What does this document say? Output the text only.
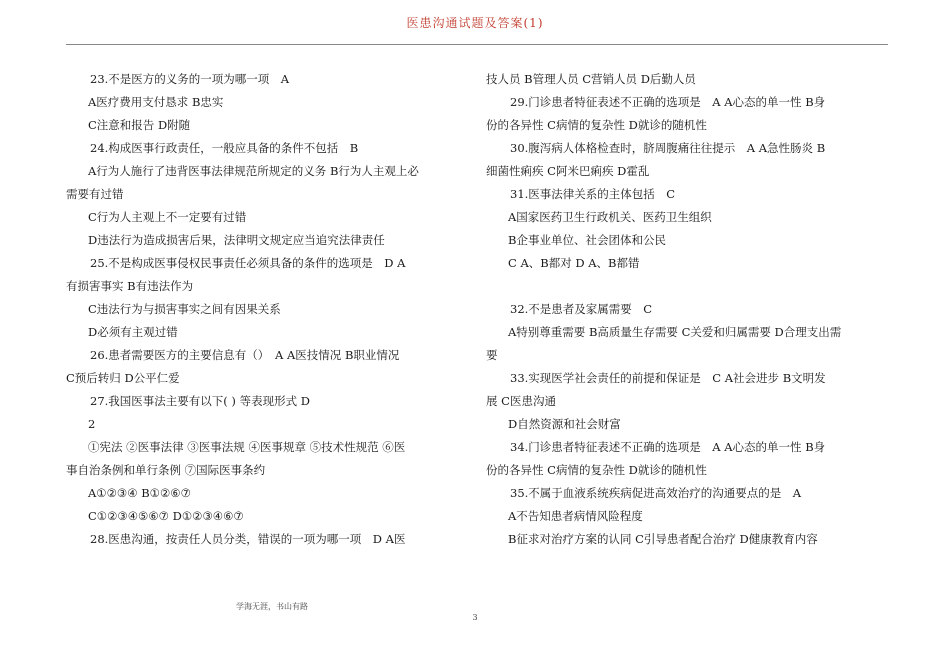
医患沟通试题及答案(1)
23.不是医方的义务的一项为哪一项　A
A医疗费用支付恳求 B忠实
C注意和报告 D附随
24.构成医事行政责任，一般应具备的条件不包括　B
A行为人施行了违背医事法律规范所规定的义务 B行为人主观上必
需要有过错
C行为人主观上不一定要有过错
D违法行为造成损害后果，法律明文规定应当追究法律责任
25.不是构成医事侵权民事责任必须具备的条件的选项是　D A
有损害事实 B有违法作为
C违法行为与损害事实之间有因果关系
D必须有主观过错
26.患者需要医方的主要信息有（）　A A医技情况 B职业情况
C预后转归 D公平仁爱
27.我国医事法主要有以下( ) 等表现形式 D
2
①宪法 ②医事法律 ③医事法规 ④医事规章 ⑤技术性规范 ⑥医
事自治条例和单行条例 ⑦国际医事条约
A①②③④ B①②⑥⑦
C①②③④⑤⑥⑦ D①②③④⑥⑦
28.医患沟通，按责任人员分类，错误的一项为哪一项　D A医
技人员 B管理人员 C营销人员 D后勤人员
29.门诊患者特征表述不正确的选项是　A A心态的单一性 B身
份的各异性 C病情的复杂性 D就诊的随机性
30.腹泻病人体格检查时，脐周腹痛往往提示　A A急性肠炎 B
细菌性痢疾 C阿米巴痢疾 D霍乱
31.医事法律关系的主体包括　C
A国家医药卫生行政机关、医药卫生组织
B企事业单位、社会团体和公民
C A、B都对 D A、B都错
32.不是患者及家属需要　C
A特别尊重需要 B高质量生存需要 C关爱和归属需要 D合理支出需
要
33.实现医学社会责任的前提和保证是　C A社会进步 B文明发
展 C医患沟通
D自然资源和社会财富
34.门诊患者特征表述不正确的选项是　A A心态的单一性 B身
份的各异性 C病情的复杂性 D就诊的随机性
35.不属于血液系统疾病促进高效治疗的沟通要点的是　A
A不告知患者病情风险程度
B征求对治疗方案的认同 C引导患者配合治疗 D健康教育内容
学海无涯，书山有路
3
